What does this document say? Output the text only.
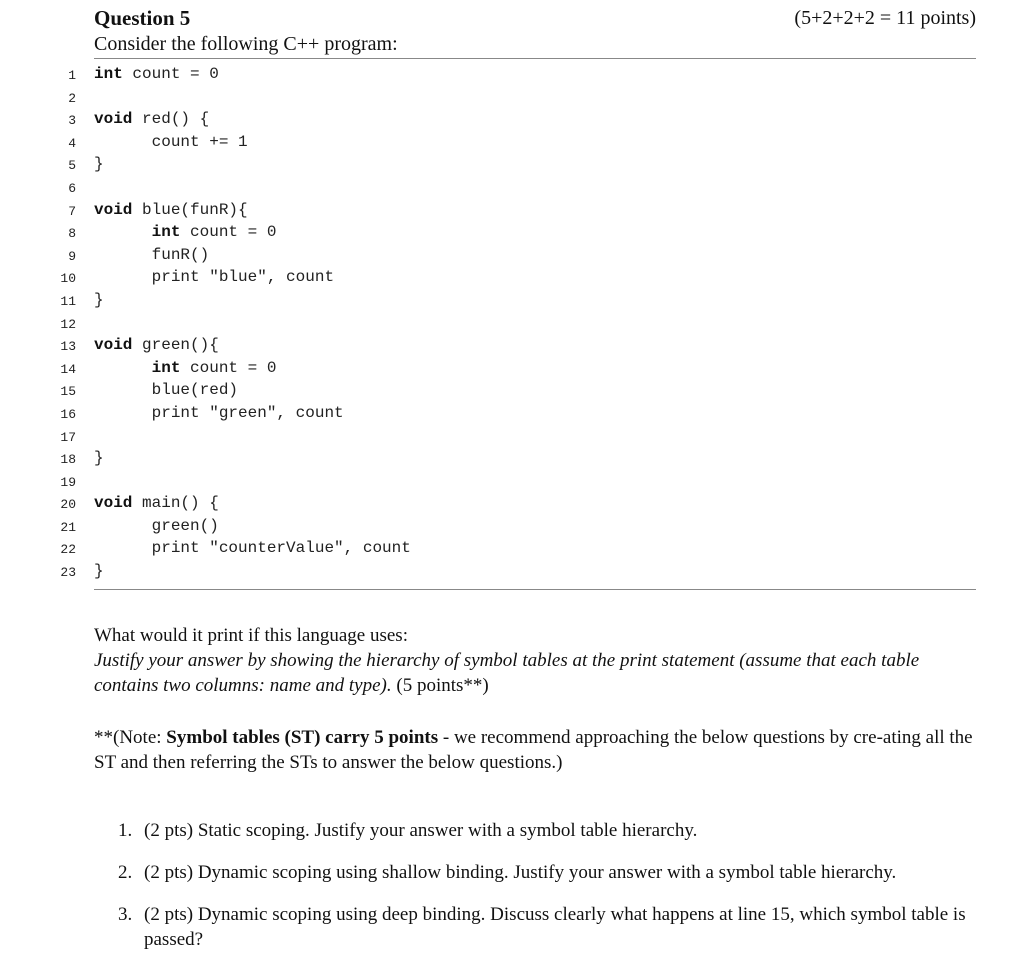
Question 5	(5+2+2+2 = 11 points)
Consider the following C++ program:
1 int count = 0
2
3 void red() {
4	count += 1
5 }
6
7 void blue(funR){
8	int count = 0
9	funR()
10	print "blue", count
11 }
12
13 void green(){
14	int count = 0
15	blue(red)
16	print "green", count
17
18 }
19
20 void main() {
21	green()
22	print "counterValue", count
23 }
What would it print if this language uses:
Justify your answer by showing the hierarchy of symbol tables at the print statement (assume that each table contains two columns: name and type). (5 points**)
**(Note: Symbol tables (ST) carry 5 points - we recommend approaching the below questions by cre-ating all the ST and then referring the STs to answer the below questions.)
1. (2 pts) Static scoping. Justify your answer with a symbol table hierarchy.
2. (2 pts) Dynamic scoping using shallow binding. Justify your answer with a symbol table hierarchy.
3. (2 pts) Dynamic scoping using deep binding. Discuss clearly what happens at line 15, which symbol table is passed?
